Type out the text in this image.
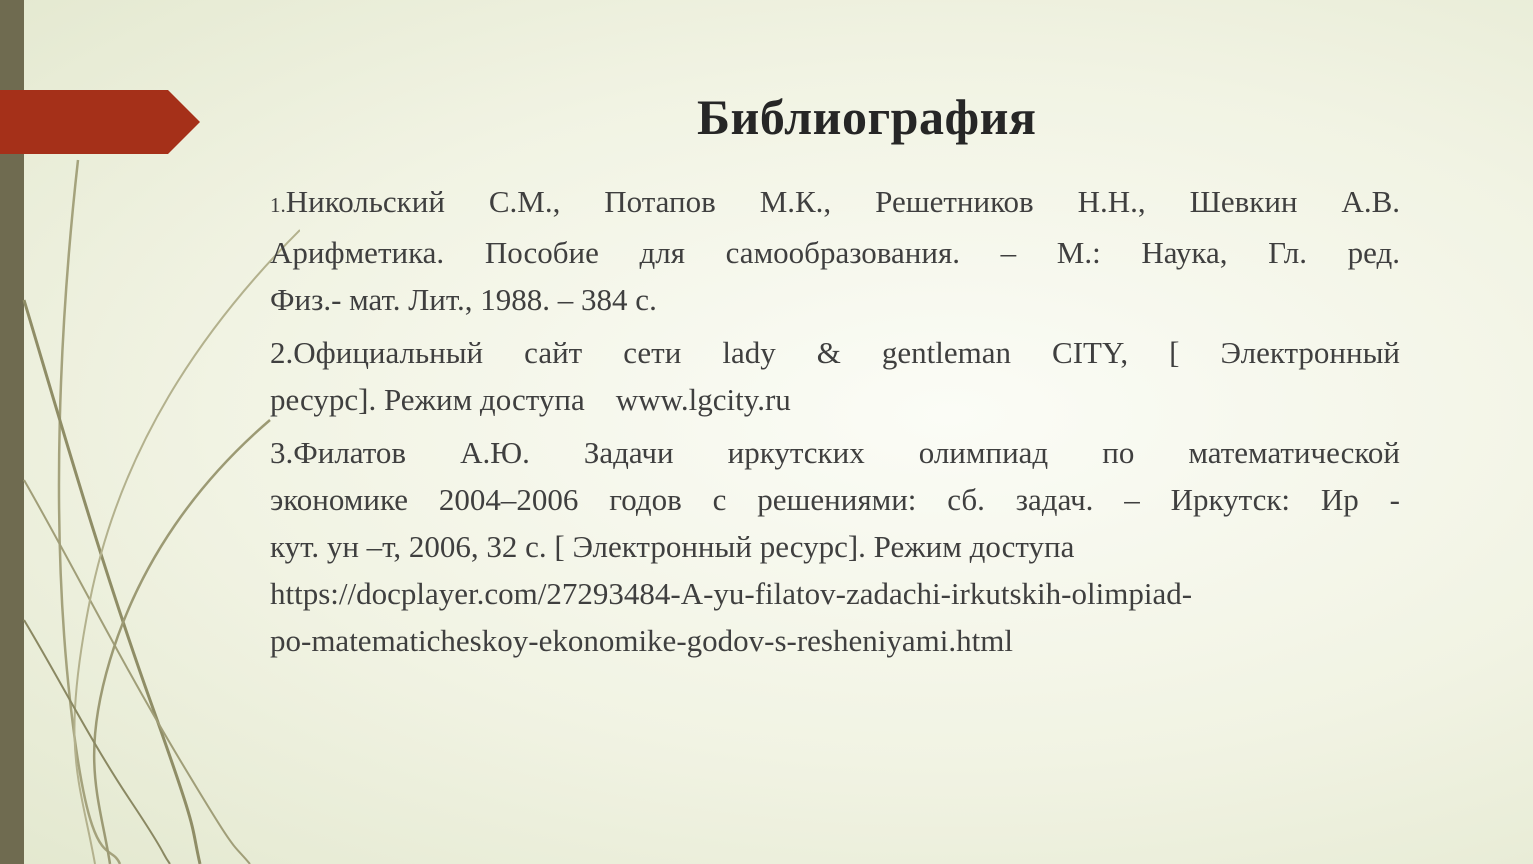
Библиография
1.Никольский С.М., Потапов М.К., Решетников Н.Н., Шевкин А.В.
Арифметика. Пособие для самообразования. – М.: Наука, Гл. ред.
Физ.- мат. Лит., 1988. – 384 с.
2.Официальный сайт сети lady & gentleman CITY, [ Электронный
ресурс]. Режим доступа    www.lgcity.ru
3.Филатов А.Ю. Задачи иркутских олимпиад по математической
экономике 2004–2006 годов с решениями: сб. задач. – Иркутск: Ир -
кут. ун –т, 2006, 32 с. [ Электронный ресурс]. Режим доступа
https://docplayer.com/27293484-A-yu-filatov-zadachi-irkutskih-olimpiad-
po-matematicheskoy-ekonomike-godov-s-resheniyami.html
